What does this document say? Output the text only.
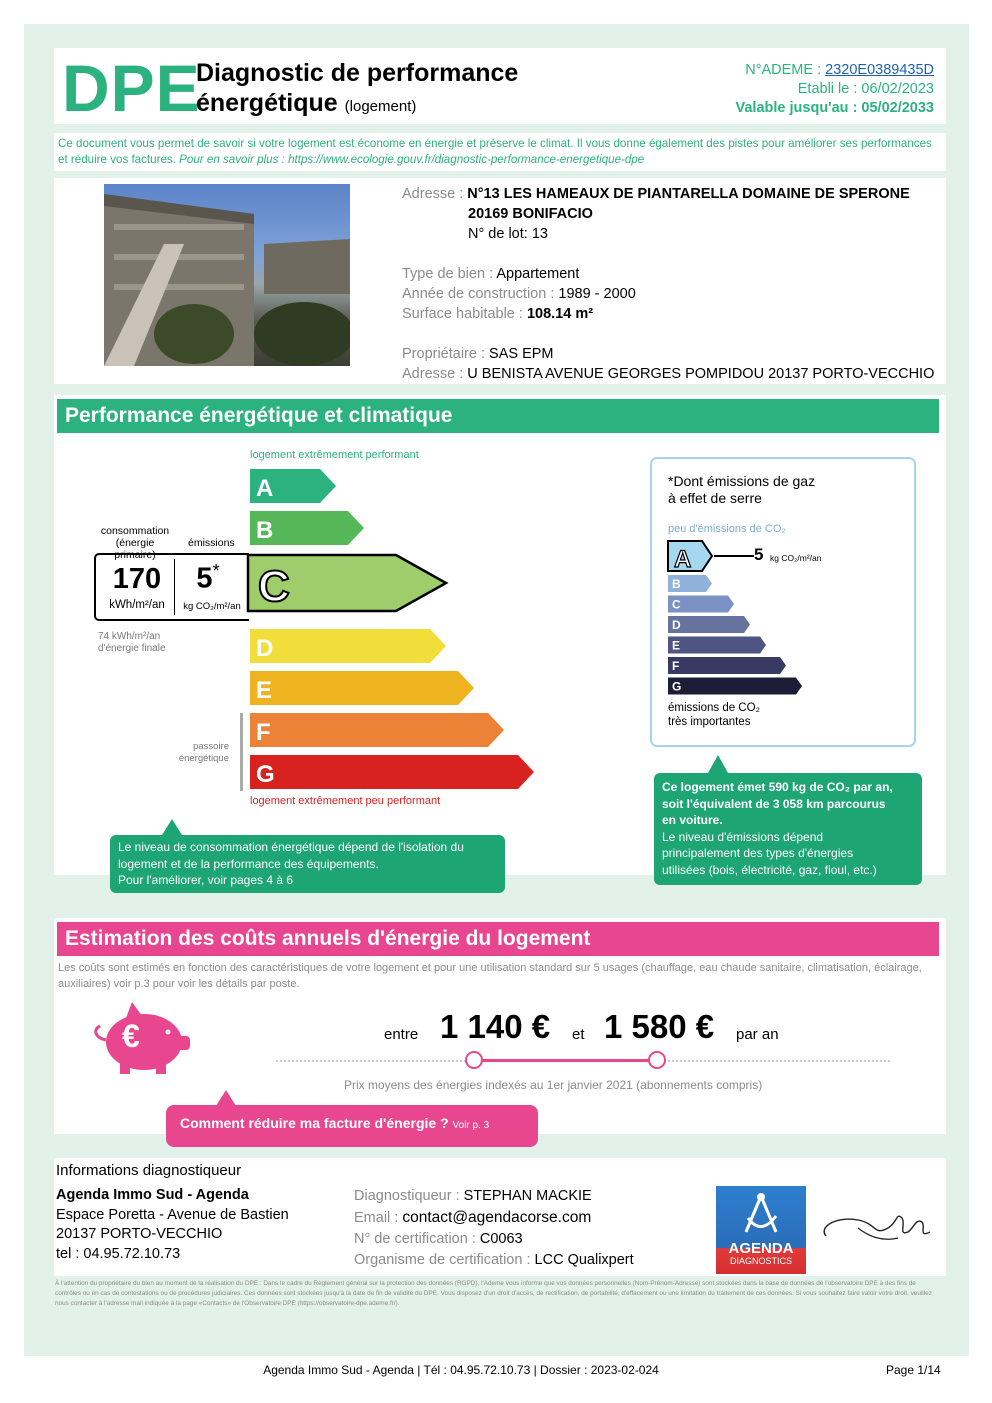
DPE
Diagnostic de performance
énergétique (logement)
N°ADEME : 2320E0389435D
Etabli le : 06/02/2023
Valable jusqu'au : 05/02/2033
Ce document vous permet de savoir si votre logement est économe en énergie et préserve le climat. Il vous donne également des pistes pour améliorer ses performances et réduire vos factures. Pour en savoir plus : https://www.ecologie.gouv.fr/diagnostic-performance-energetique-dpe
Adresse : N°13 LES HAMEAUX DE PIANTARELLA DOMAINE DE SPERONE
20169 BONIFACIO
N° de lot: 13
Type de bien : Appartement
Année de construction : 1989 - 2000
Surface habitable : 108.14 m²
Propriétaire : SAS EPM
Adresse : U BENISTA AVENUE GEORGES POMPIDOU 20137 PORTO-VECCHIO
Performance énergétique et climatique
logement extrêmement performant
A
B
C
D
E
F
G
logement extrêmement peu performant
consommation
(énergie primaire)
émissions
170
kWh/m²/an
5*
kg CO₂/m²/an
74 kWh/m²/an
d'énergie finale
passoire
énergétique
Le niveau de consommation énergétique dépend de l'isolation du
logement et de la performance des équipements.
Pour l'améliorer, voir pages 4 à 6
*Dont émissions de gaz
à effet de serre
peu d'émissions de CO₂
A
B
C
D
E
F
G
5 kg CO₂/m²/an
émissions de CO₂
très importantes
Ce logement émet 590 kg de CO₂ par an,
soit l'équivalent de 3 058 km parcourus
en voiture.
Le niveau d'émissions dépend
principalement des types d'énergies
utilisées (bois, électricité, gaz, fioul, etc.)
Estimation des coûts annuels d'énergie du logement
Les coûts sont estimés en fonction des caractéristiques de votre logement et pour une utilisation standard sur 5 usages (chauffage, eau chaude sanitaire, climatisation, éclairage, auxiliaires) voir p.3 pour voir les détails par poste.
€	entre 1 140 € et 1 580 € par an
Prix moyens des énergies indexés au 1er janvier 2021 (abonnements compris)
Comment réduire ma facture d'énergie ? Voir p. 3
Informations diagnostiqueur
Agenda Immo Sud - Agenda
Espace Poretta - Avenue de Bastien
20137 PORTO-VECCHIO
tel : 04.95.72.10.73
Diagnostiqueur : STEPHAN MACKIE
Email : contact@agendacorse.com
N° de certification : C0063
Organisme de certification : LCC Qualixpert
AGENDA
DIAGNOSTICS
À l'attention du propriétaire du bien au moment de la réalisation du DPE : Dans le cadre du Règlement général sur la protection des données (RGPD), l'Ademe vous informe que vos données personnelles (Nom-Prénom-Adresse) sont stockées dans la base de données de l'observatoire DPE à des fins de contrôles ou en cas de contestations ou de procédures judiciaires. Ces données sont stockées jusqu'à la date de fin de validité du DPE. Vous disposez d'un droit d'accès, de rectification, de portabilité, d'effacement ou une limitation du traitement de ces données. Si vous souhaitez faire valoir votre droit, veuillez nous contacter à l'adresse mail indiquée à la page «Contacts» de l'Observatoire DPE (https://observatoire-dpe.ademe.fr/).
Agenda Immo Sud - Agenda | Tél : 04.95.72.10.73 | Dossier : 2023-02-024	Page 1/14
